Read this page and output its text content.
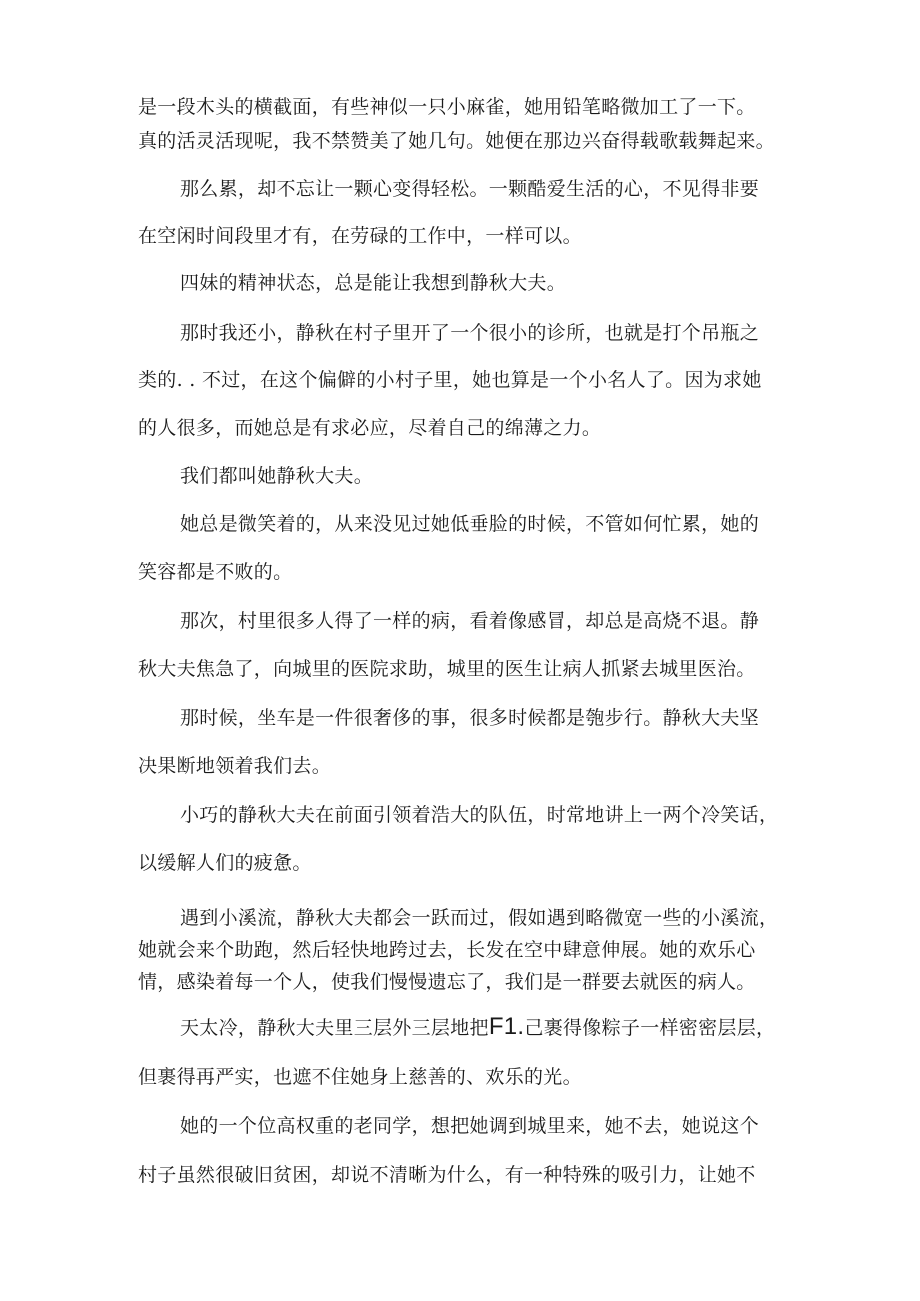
是一段木头的横截面，有些神似一只小麻雀，她用铅笔略微加工了一下。

真的活灵活现呢，我不禁赞美了她几句。她便在那边兴奋得载歌载舞起来。

那么累，却不忘让一颗心变得轻松。一颗酷爱生活的心，不见得非要

在空闲时间段里才有，在劳碌的工作中，一样可以。

四妹的精神状态，总是能让我想到静秋大夫。

那时我还小，静秋在村子里开了一个很小的诊所，也就是打个吊瓶之

类的. . 不过，在这个偏僻的小村子里，她也算是一个小名人了。因为求她

的人很多，而她总是有求必应，尽着自己的绵薄之力。

我们都叫她静秋大夫。

她总是微笑着的，从来没见过她低垂脸的时候，不管如何忙累，她的

笑容都是不败的。

那次，村里很多人得了一样的病，看着像感冒，却总是高烧不退。静

秋大夫焦急了，向城里的医院求助，城里的医生让病人抓紧去城里医治。

那时候，坐车是一件很奢侈的事，很多时候都是匏步行。静秋大夫坚

决果断地领着我们去。

小巧的静秋大夫在前面引领着浩大的队伍，时常地讲上一两个冷笑话，

以缓解人们的疲惫。

遇到小溪流，静秋大夫都会一跃而过，假如遇到略微宽一些的小溪流，

她就会来个助跑，然后轻快地跨过去，长发在空中肆意伸展。她的欢乐心

情，感染着每一个人，使我们慢慢遗忘了，我们是一群要去就医的病人。

天太冷，静秋大夫里三层外三层地把F1.己裹得像粽子一样密密层层，

但裹得再严实，也遮不住她身上慈善的、欢乐的光。

她的一个位高权重的老同学，想把她调到城里来，她不去，她说这个

村子虽然很破旧贫困，却说不清晰为什么，有一种特殊的吸引力，让她不
